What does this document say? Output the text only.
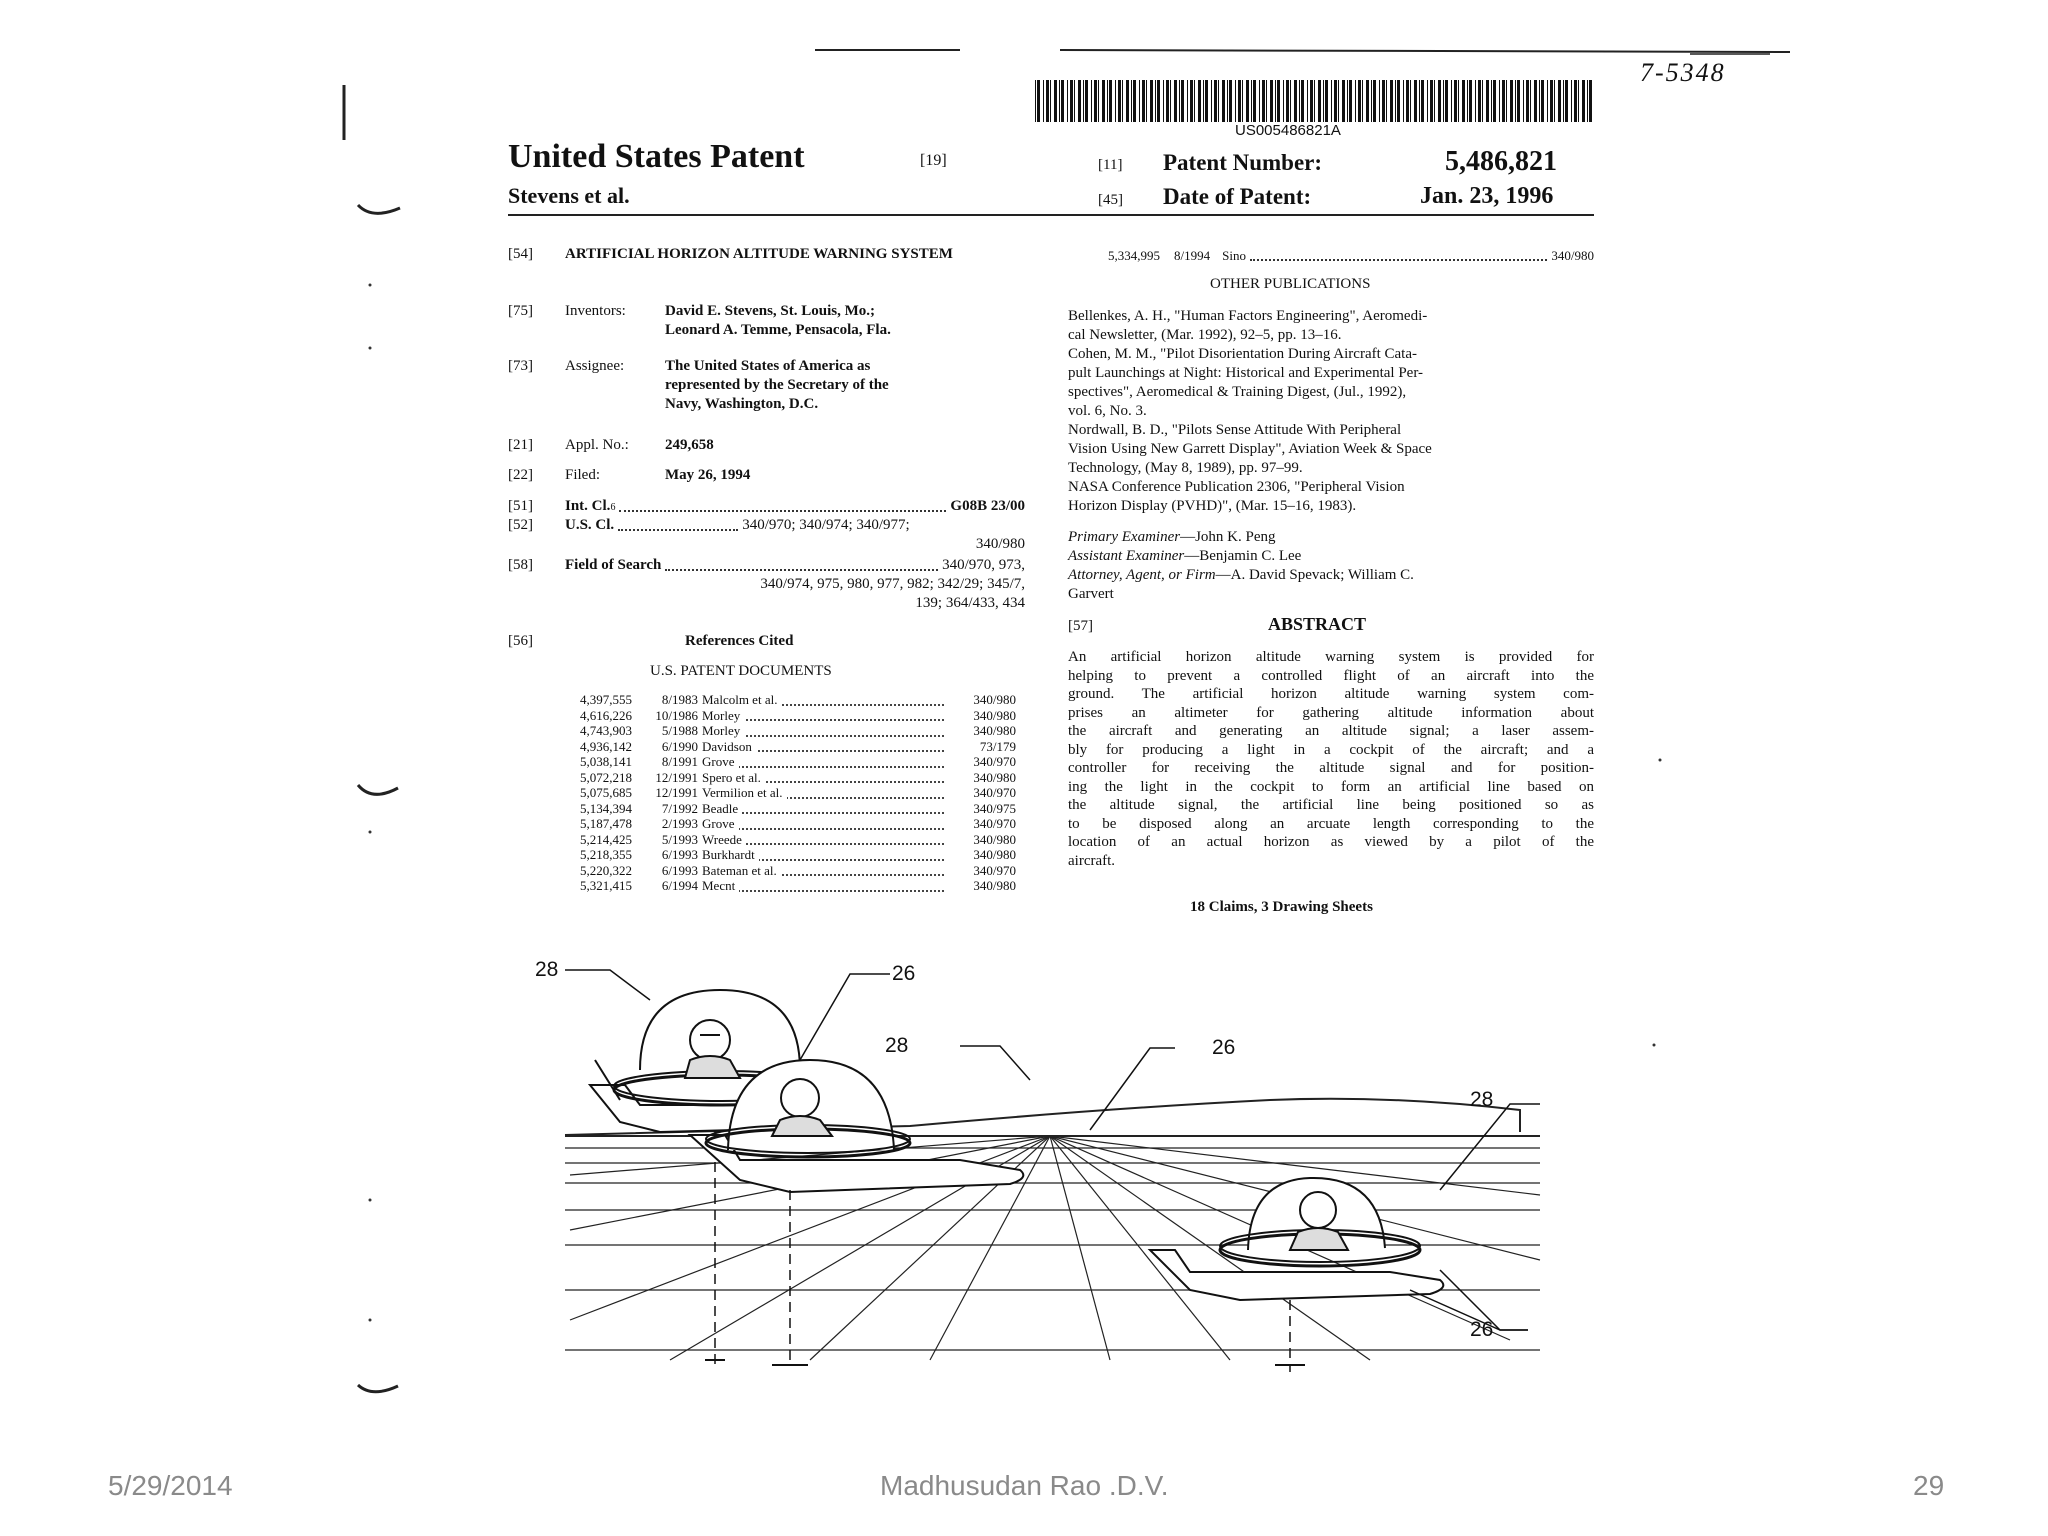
US005486821A
7-5348
United States Patent	[19]
Stevens et al.
[11] Patent Number:	5,486,821
[45] Date of Patent:	Jan. 23, 1996
[54] ARTIFICIAL HORIZON ALTITUDE WARNING SYSTEM
[75] Inventors:	David E. Stevens, St. Louis, Mo.;
Leonard A. Temme, Pensacola, Fla.
[73] Assignee:	The United States of America as
represented by the Secretary of the
Navy, Washington, D.C.
[21] Appl. No.: 249,658
[22] Filed:	May 26, 1994
[51] Int. Cl. 6	G08B 23/00
[52] U.S. Cl.	340/970; 340/974; 340/977;
340/980
[58] Field of Search	340/970, 973,
340/974, 975, 980, 977, 982; 342/29; 345/7,
139; 364/433, 434
[56]	References Cited
U.S. PATENT DOCUMENTS
4,397,555	8/1983	Malcolm et al.	340/980
4,616,226	10/1986	Morley	340/980
4,743,903	5/1988	Morley	340/980
4,936,142	6/1990	Davidson	73/179
5,038,141	8/1991	Grove	340/970
5,072,218	12/1991	Spero et al.	340/980
5,075,685	12/1991	Vermilion et al.	340/970
5,134,394	7/1992	Beadle	340/975
5,187,478	2/1993	Grove	340/970
5,214,425	5/1993	Wreede	340/980
5,218,355	6/1993	Burkhardt	340/980
5,220,322	6/1993	Bateman et al.	340/970
5,321,415	6/1994	Mecnt	340/980
5,334,995 8/1994 Sino	340/980
OTHER PUBLICATIONS
Bellenkes, A. H., "Human Factors Engineering", Aeromedi-
cal Newsletter, (Mar. 1992), 92–5, pp. 13–16.
Cohen, M. M., "Pilot Disorientation During Aircraft Cata-
pult Launchings at Night: Historical and Experimental Per-
spectives", Aeromedical & Training Digest, (Jul., 1992),
vol. 6, No. 3.
Nordwall, B. D., "Pilots Sense Attitude With Peripheral
Vision Using New Garrett Display", Aviation Week & Space
Technology, (May 8, 1989), pp. 97–99.
NASA Conference Publication 2306, "Peripheral Vision
Horizon Display (PVHD)", (Mar. 15–16, 1983).
Primary Examiner—John K. Peng
Assistant Examiner—Benjamin C. Lee
Attorney, Agent, or Firm—A. David Spevack; William C.
Garvert
[57]	ABSTRACT
An artificial horizon altitude warning system is provided for
helping to prevent a controlled flight of an aircraft into the
ground. The artificial horizon altitude warning system com-
prises an altimeter for gathering altitude information about
the aircraft and generating an altitude signal; a laser assem-
bly for producing a light in a cockpit of the aircraft; and a
controller for receiving the altitude signal and for position-
ing the light in the cockpit to form an artificial line based on
the altitude signal, the artificial line being positioned so as
to be disposed along an arcuate length corresponding to the
location of an actual horizon as viewed by a pilot of the
aircraft.
18 Claims, 3 Drawing Sheets
28	26
28	26
28
26
5/29/2014	Madhusudan Rao .D.V.	29
